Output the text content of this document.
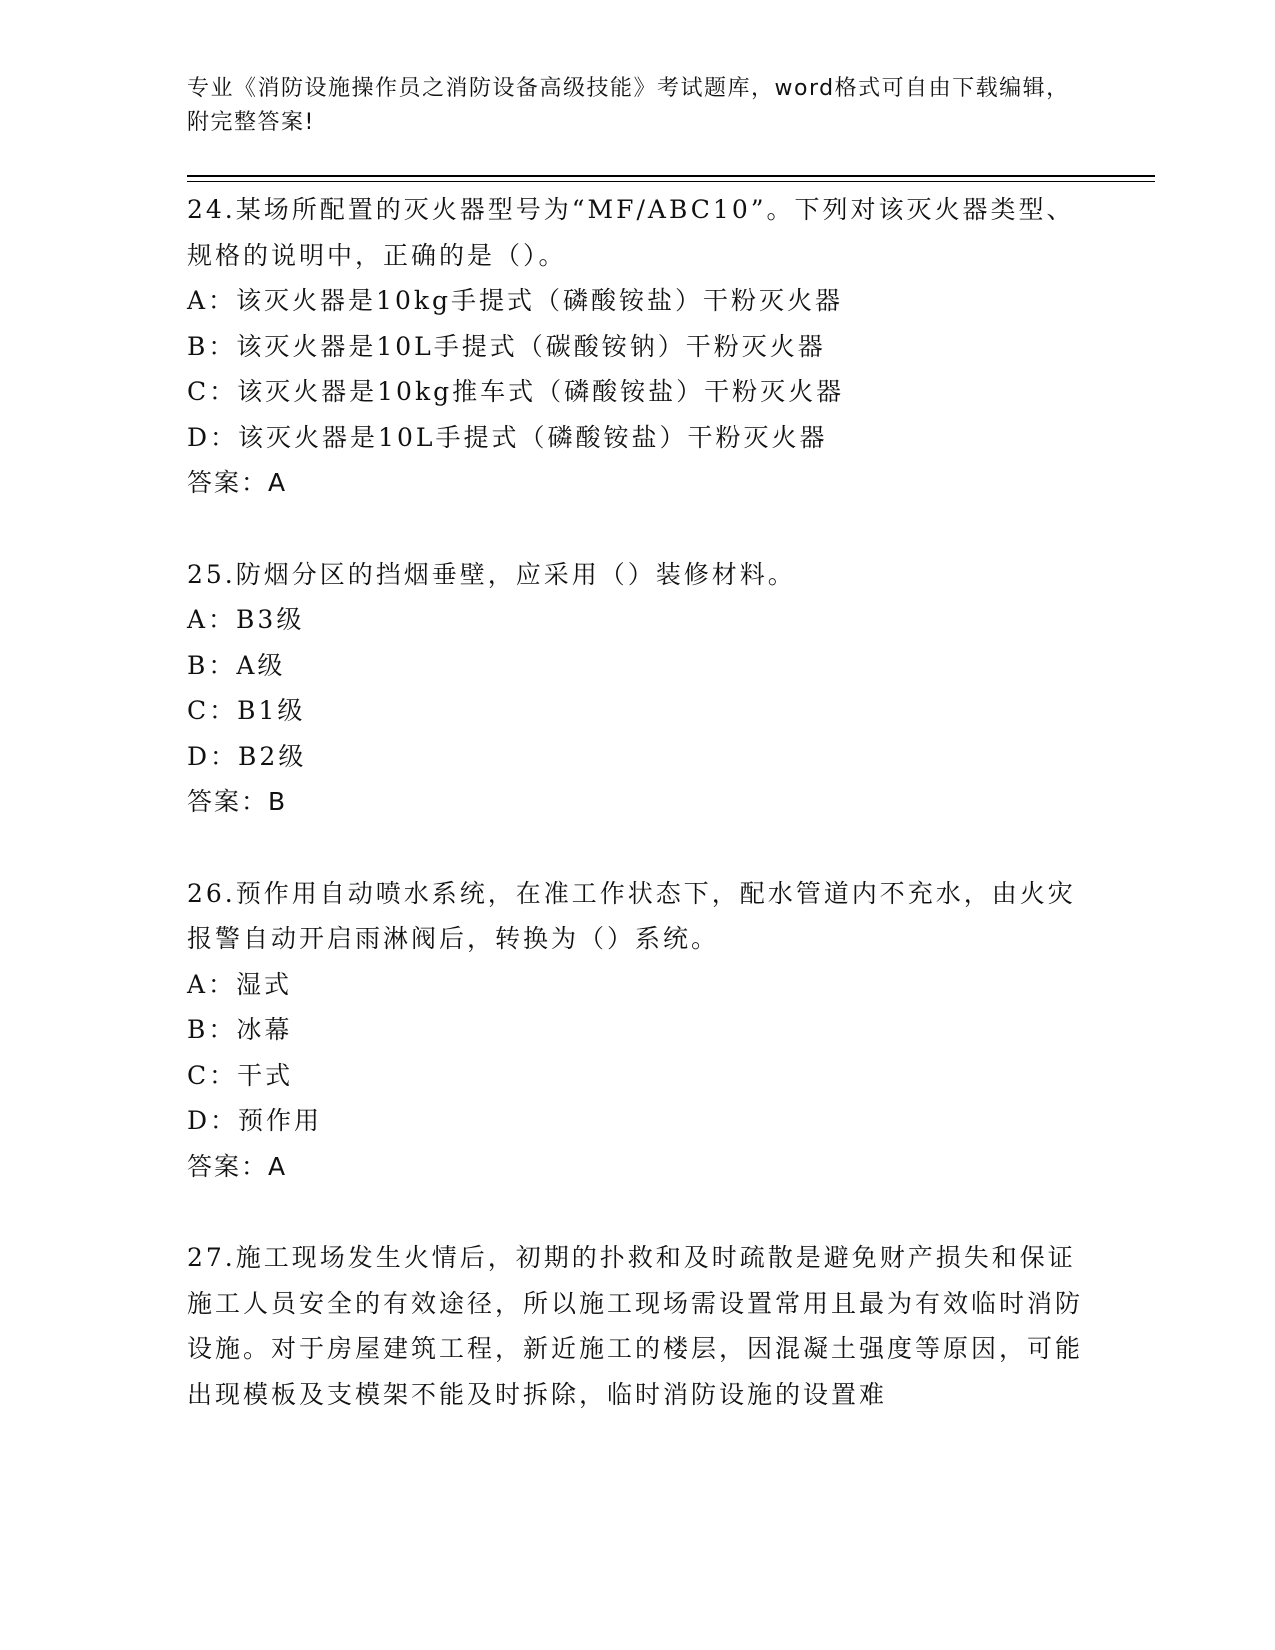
专业《消防设施操作员之消防设备高级技能》考试题库，word格式可自由下载编辑，附完整答案!

24.某场所配置的灭火器型号为“MF/ABC10”。下列对该灭火器类型、规格的说明中，正确的是（）。

A：该灭火器是10kg手提式（磷酸铵盐）干粉灭火器

B：该灭火器是10L手提式（碳酸铵钠）干粉灭火器

C：该灭火器是10kg推车式（磷酸铵盐）干粉灭火器

D：该灭火器是10L手提式（磷酸铵盐）干粉灭火器

答案：A

25.防烟分区的挡烟垂壁，应采用（）装修材料。

A：B3级

B：A级

C：B1级

D：B2级

答案：B

26.预作用自动喷水系统，在准工作状态下，配水管道内不充水，由火灾报警自动开启雨淋阀后，转换为（）系统。

A：湿式

B：冰幕

C：干式

D：预作用

答案：A

27.施工现场发生火情后，初期的扑救和及时疏散是避免财产损失和保证施工人员安全的有效途径，所以施工现场需设置常用且最为有效临时消防设施。对于房屋建筑工程，新近施工的楼层，因混凝土强度等原因，可能出现模板及支模架不能及时拆除，临时消防设施的设置难
